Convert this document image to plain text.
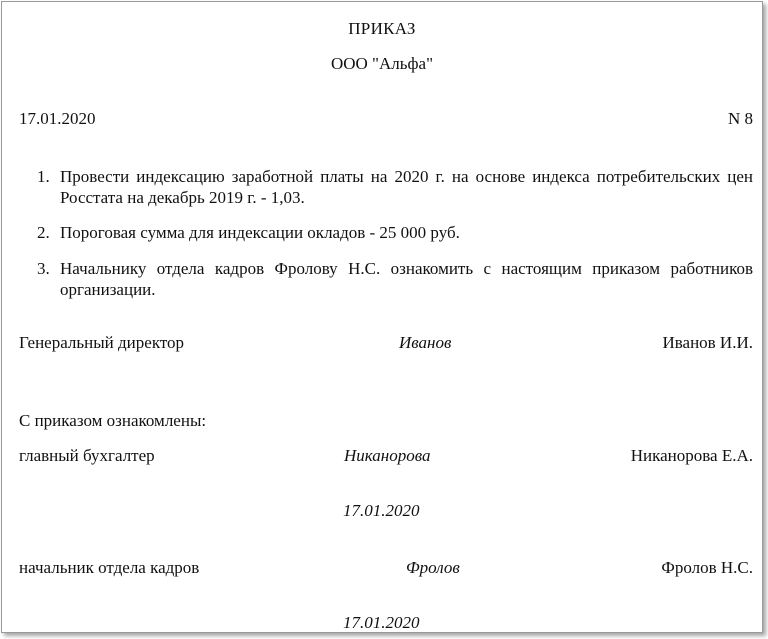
ПРИКАЗ
ООО "Альфа"
17.01.2020	N 8
1. Провести индексацию заработной платы на 2020 г. на основе индекса потребительских цен Росстата на декабрь 2019 г. - 1,03.
2. Пороговая сумма для индексации окладов - 25 000 руб.
3. Начальнику отдела кадров Фролову Н.С. ознакомить с настоящим приказом работников организации.
Генеральный директор	Иванов	Иванов И.И.
С приказом ознакомлены:
главный бухгалтер	Никанорова	Никанорова Е.А.
17.01.2020
начальник отдела кадров	Фролов	Фролов Н.С.
17.01.2020
